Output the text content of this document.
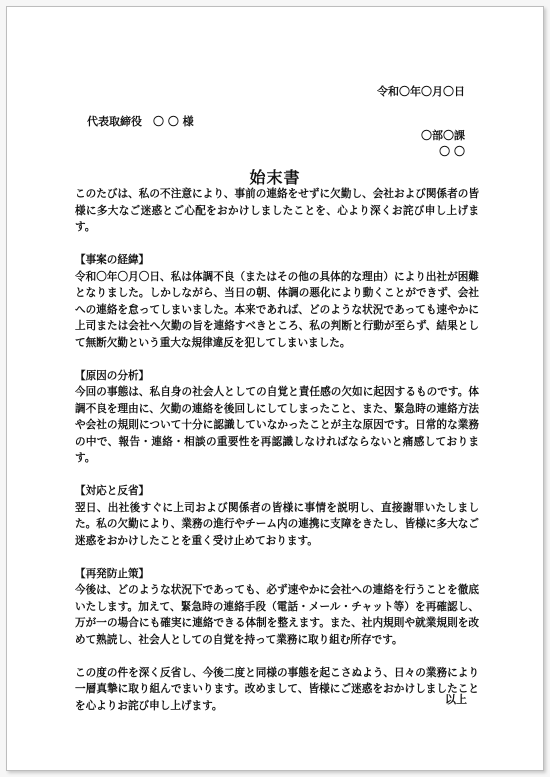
令和〇年〇月〇日
代表取締役　〇 〇 様
〇部〇課
〇 〇
始末書

このたびは、私の不注意により、事前の連絡をせずに欠勤し、会社および関係者の皆様に多大なご迷惑とご心配をおかけしましたことを、心より深くお詫び申し上げます。

【事案の経緯】

令和〇年〇月〇日、私は体調不良（またはその他の具体的な理由）により出社が困難となりました。しかしながら、当日の朝、体調の悪化により動くことができず、会社への連絡を怠ってしまいました。本来であれば、どのような状況であっても速やかに上司または会社へ欠勤の旨を連絡すべきところ、私の判断と行動が至らず、結果として無断欠勤という重大な規律違反を犯してしまいました。

【原因の分析】

今回の事態は、私自身の社会人としての自覚と責任感の欠如に起因するものです。体調不良を理由に、欠勤の連絡を後回しにしてしまったこと、また、緊急時の連絡方法や会社の規則について十分に認識していなかったことが主な原因です。日常的な業務の中で、報告・連絡・相談の重要性を再認識しなければならないと痛感しております。

【対応と反省】

翌日、出社後すぐに上司および関係者の皆様に事情を説明し、直接謝罪いたしました。私の欠勤により、業務の進行やチーム内の連携に支障をきたし、皆様に多大なご迷惑をおかけしたことを重く受け止めております。

【再発防止策】

今後は、どのような状況下であっても、必ず速やかに会社への連絡を行うことを徹底いたします。加えて、緊急時の連絡手段（電話・メール・チャット等）を再確認し、万が一の場合にも確実に連絡できる体制を整えます。また、社内規則や就業規則を改めて熟読し、社会人としての自覚を持って業務に取り組む所存です。

この度の件を深く反省し、今後二度と同様の事態を起こさぬよう、日々の業務により一層真摯に取り組んでまいります。改めまして、皆様にご迷惑をおかけしましたことを心よりお詫び申し上げます。	以上
